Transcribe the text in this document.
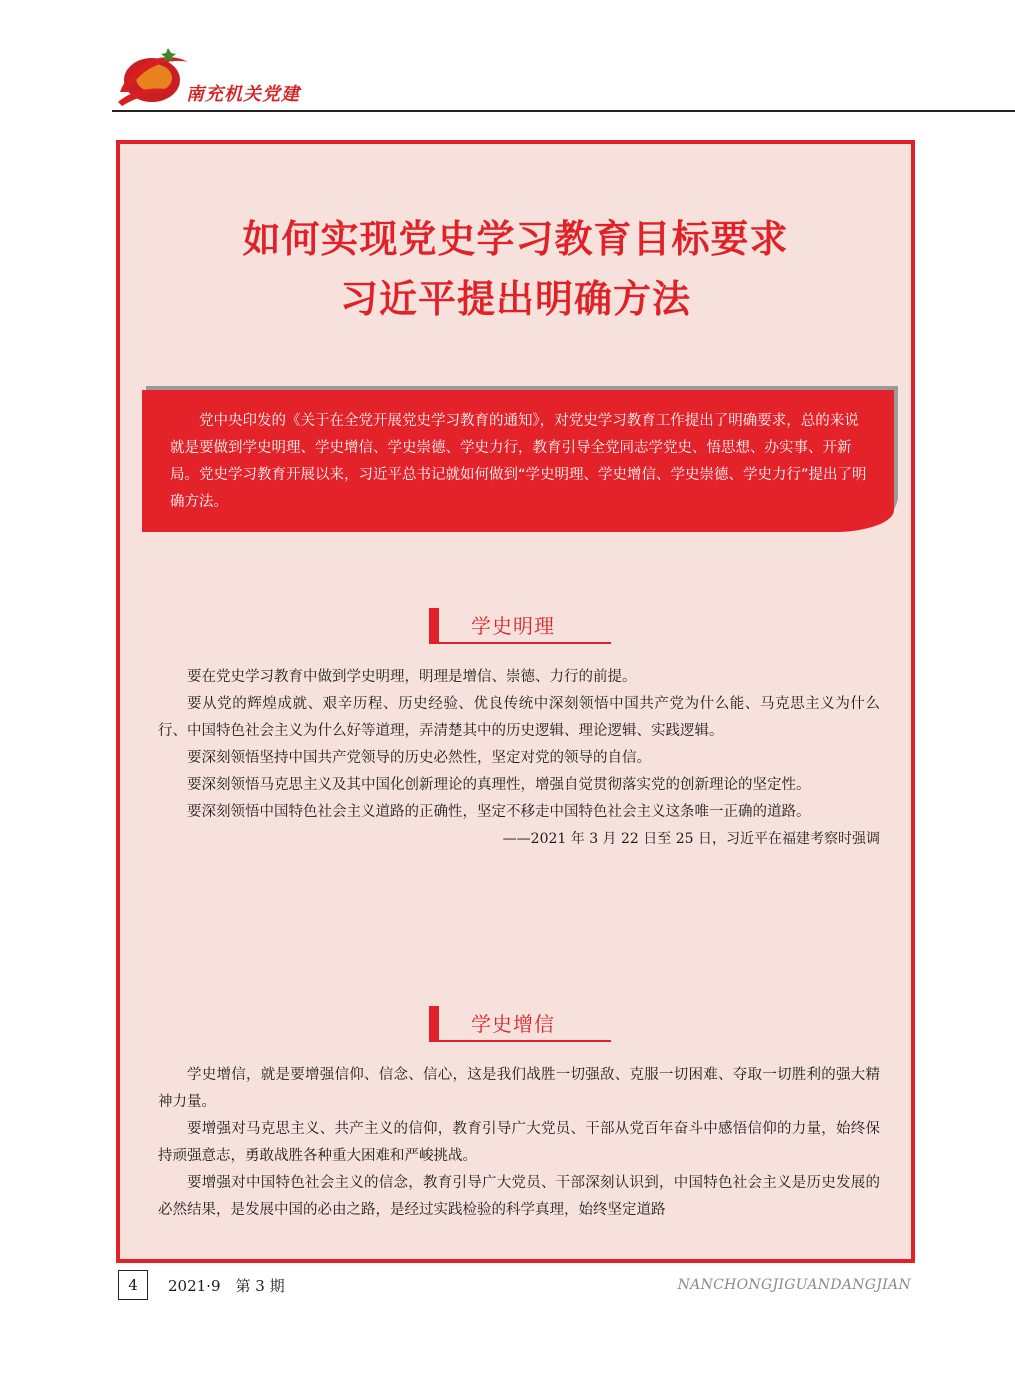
南充机关党建
如何实现党史学习教育目标要求
习近平提出明确方法

党中央印发的《关于在全党开展党史学习教育的通知》，对党史学习教育工作提出了明确要求，总的来说就是要做到学史明理、学史增信、学史崇德、学史力行，教育引导全党同志学党史、悟思想、办实事、开新局。党史学习教育开展以来，习近平总书记就如何做到“学史明理、学史增信、学史崇德、学史力行”提出了明确方法。

学史明理

要在党史学习教育中做到学史明理，明理是增信、崇德、力行的前提。

要从党的辉煌成就、艰辛历程、历史经验、优良传统中深刻领悟中国共产党为什么能、马克思主义为什么行、中国特色社会主义为什么好等道理，弄清楚其中的历史逻辑、理论逻辑、实践逻辑。

要深刻领悟坚持中国共产党领导的历史必然性，坚定对党的领导的自信。

要深刻领悟马克思主义及其中国化创新理论的真理性，增强自觉贯彻落实党的创新理论的坚定性。

要深刻领悟中国特色社会主义道路的正确性，坚定不移走中国特色社会主义这条唯一正确的道路。

——2021 年 3 月 22 日至 25 日，习近平在福建考察时强调

学史增信

学史增信，就是要增强信仰、信念、信心，这是我们战胜一切强敌、克服一切困难、夺取一切胜利的强大精神力量。

要增强对马克思主义、共产主义的信仰，教育引导广大党员、干部从党百年奋斗中感悟信仰的力量，始终保持顽强意志，勇敢战胜各种重大困难和严峻挑战。

要增强对中国特色社会主义的信念，教育引导广大党员、干部深刻认识到，中国特色社会主义是历史发展的必然结果，是发展中国的必由之路，是经过实践检验的科学真理，始终坚定道路

4	2021·9　第 3 期	NANCHONGJIGUANDANGJIAN
